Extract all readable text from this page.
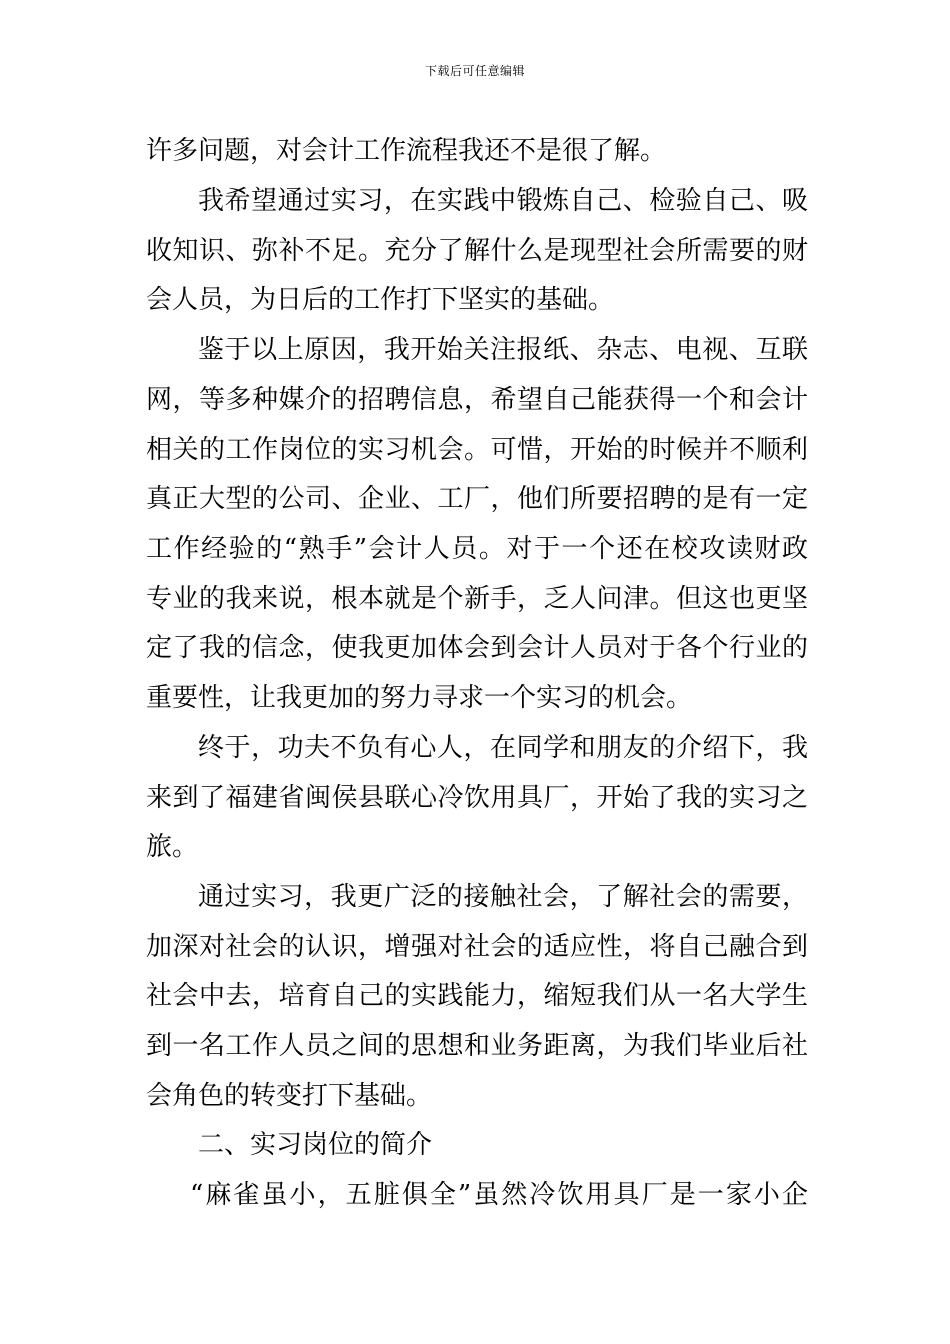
下载后可任意编辑
许多问题，对会计工作流程我还不是很了解。
我希望通过实习，在实践中锻炼自己、检验自己、吸
收知识、弥补不足。充分了解什么是现型社会所需要的财
会人员，为日后的工作打下坚实的基础。
鉴于以上原因，我开始关注报纸、杂志、电视、互联
网，等多种媒介的招聘信息，希望自己能获得一个和会计
相关的工作岗位的实习机会。可惜，开始的时候并不顺利
真正大型的公司、企业、工厂，他们所要招聘的是有一定
工作经验的“熟手”会计人员。对于一个还在校攻读财政
专业的我来说，根本就是个新手，乏人问津。但这也更坚
定了我的信念，使我更加体会到会计人员对于各个行业的
重要性，让我更加的努力寻求一个实习的机会。
终于，功夫不负有心人，在同学和朋友的介绍下，我
来到了福建省闽侯县联心冷饮用具厂，开始了我的实习之
旅。
通过实习，我更广泛的接触社会，了解社会的需要，
加深对社会的认识，增强对社会的适应性，将自己融合到
社会中去，培育自己的实践能力，缩短我们从一名大学生
到一名工作人员之间的思想和业务距离，为我们毕业后社
会角色的转变打下基础。
二、实习岗位的简介
“麻雀虽小，五脏俱全”虽然冷饮用具厂是一家小企
